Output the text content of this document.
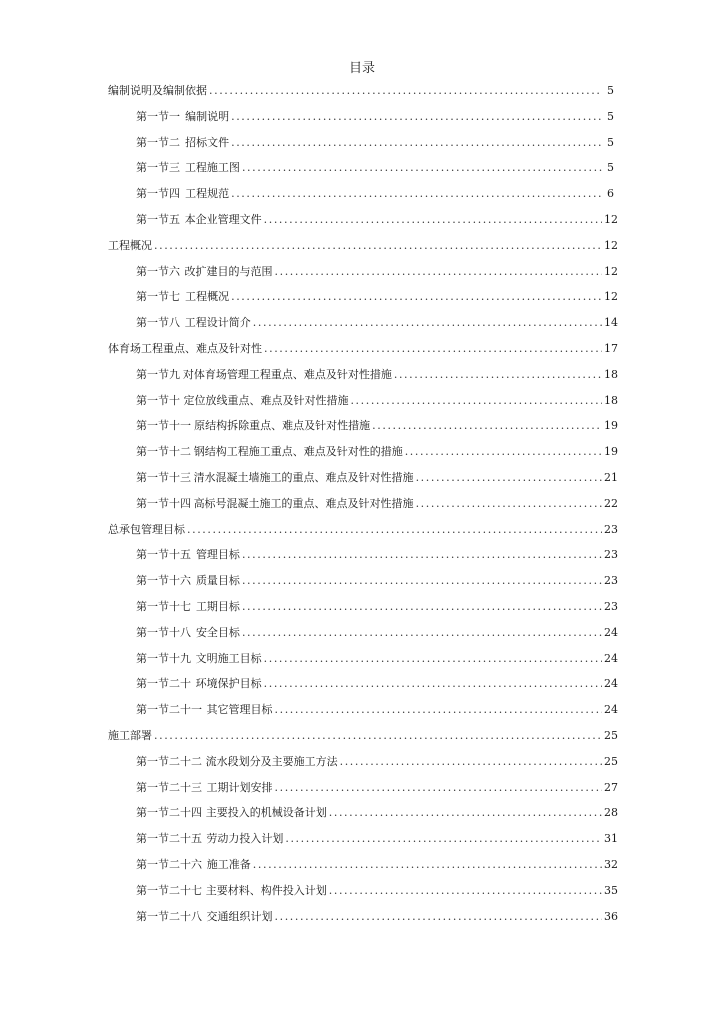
目录
编制说明及编制依据 .....	5
第一节一 编制说明 .....	5
第一节二 招标文件 .....	5
第一节三 工程施工图 .....	5
第一节四 工程规范 .....	6
第一节五 本企业管理文件 .....	12
工程概况 .....	12
第一节六 改扩建目的与范围 .....	12
第一节七 工程概况 .....	12
第一节八 工程设计简介 .....	14
体育场工程重点、难点及针对性 .....	17
第一节九 对体育场管理工程重点、难点及针对性措施 .....	18
第一节十 定位放线重点、难点及针对性措施 .....	18
第一节十一 原结构拆除重点、难点及针对性措施 .....	19
第一节十二 钢结构工程施工重点、难点及针对性的措施 .....	19
第一节十三 清水混凝土墙施工的重点、难点及针对性措施 .....	21
第一节十四 高标号混凝土施工的重点、难点及针对性措施 .....	22
总承包管理目标 .....	23
第一节十五 管理目标 .....	23
第一节十六 质量目标 .....	23
第一节十七 工期目标 .....	23
第一节十八 安全目标 .....	24
第一节十九 文明施工目标 .....	24
第一节二十 环境保护目标 .....	24
第一节二十一 其它管理目标 .....	24
施工部署 .....	25
第一节二十二 流水段划分及主要施工方法 .....	25
第一节二十三 工期计划安排 .....	27
第一节二十四 主要投入的机械设备计划 .....	28
第一节二十五 劳动力投入计划 .....	31
第一节二十六 施工准备 .....	32
第一节二十七 主要材料、构件投入计划 .....	35
第一节二十八 交通组织计划 .....	36
